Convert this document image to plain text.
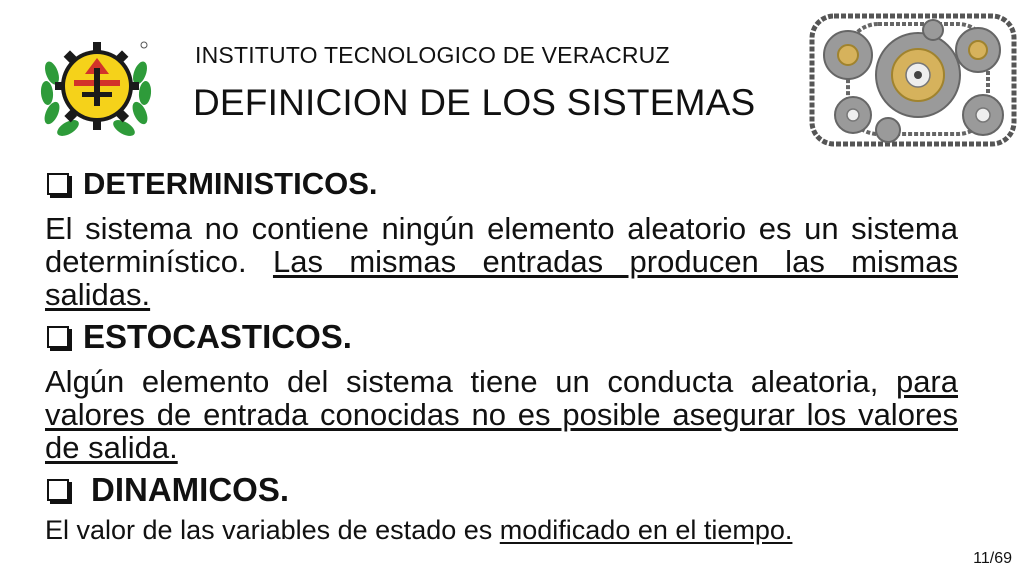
INSTITUTO TECNOLOGICO DE VERACRUZ
DEFINICION DE LOS SISTEMAS
DETERMINISTICOS.
El sistema no contiene ningún elemento aleatorio es un sistema determinístico. Las mismas entradas producen las mismas salidas.
ESTOCASTICOS.
Algún elemento del sistema tiene un conducta aleatoria, para valores de entrada conocidas no es posible asegurar los valores de salida.
DINAMICOS.
El valor de las variables de estado es modificado en el tiempo.
11/69
